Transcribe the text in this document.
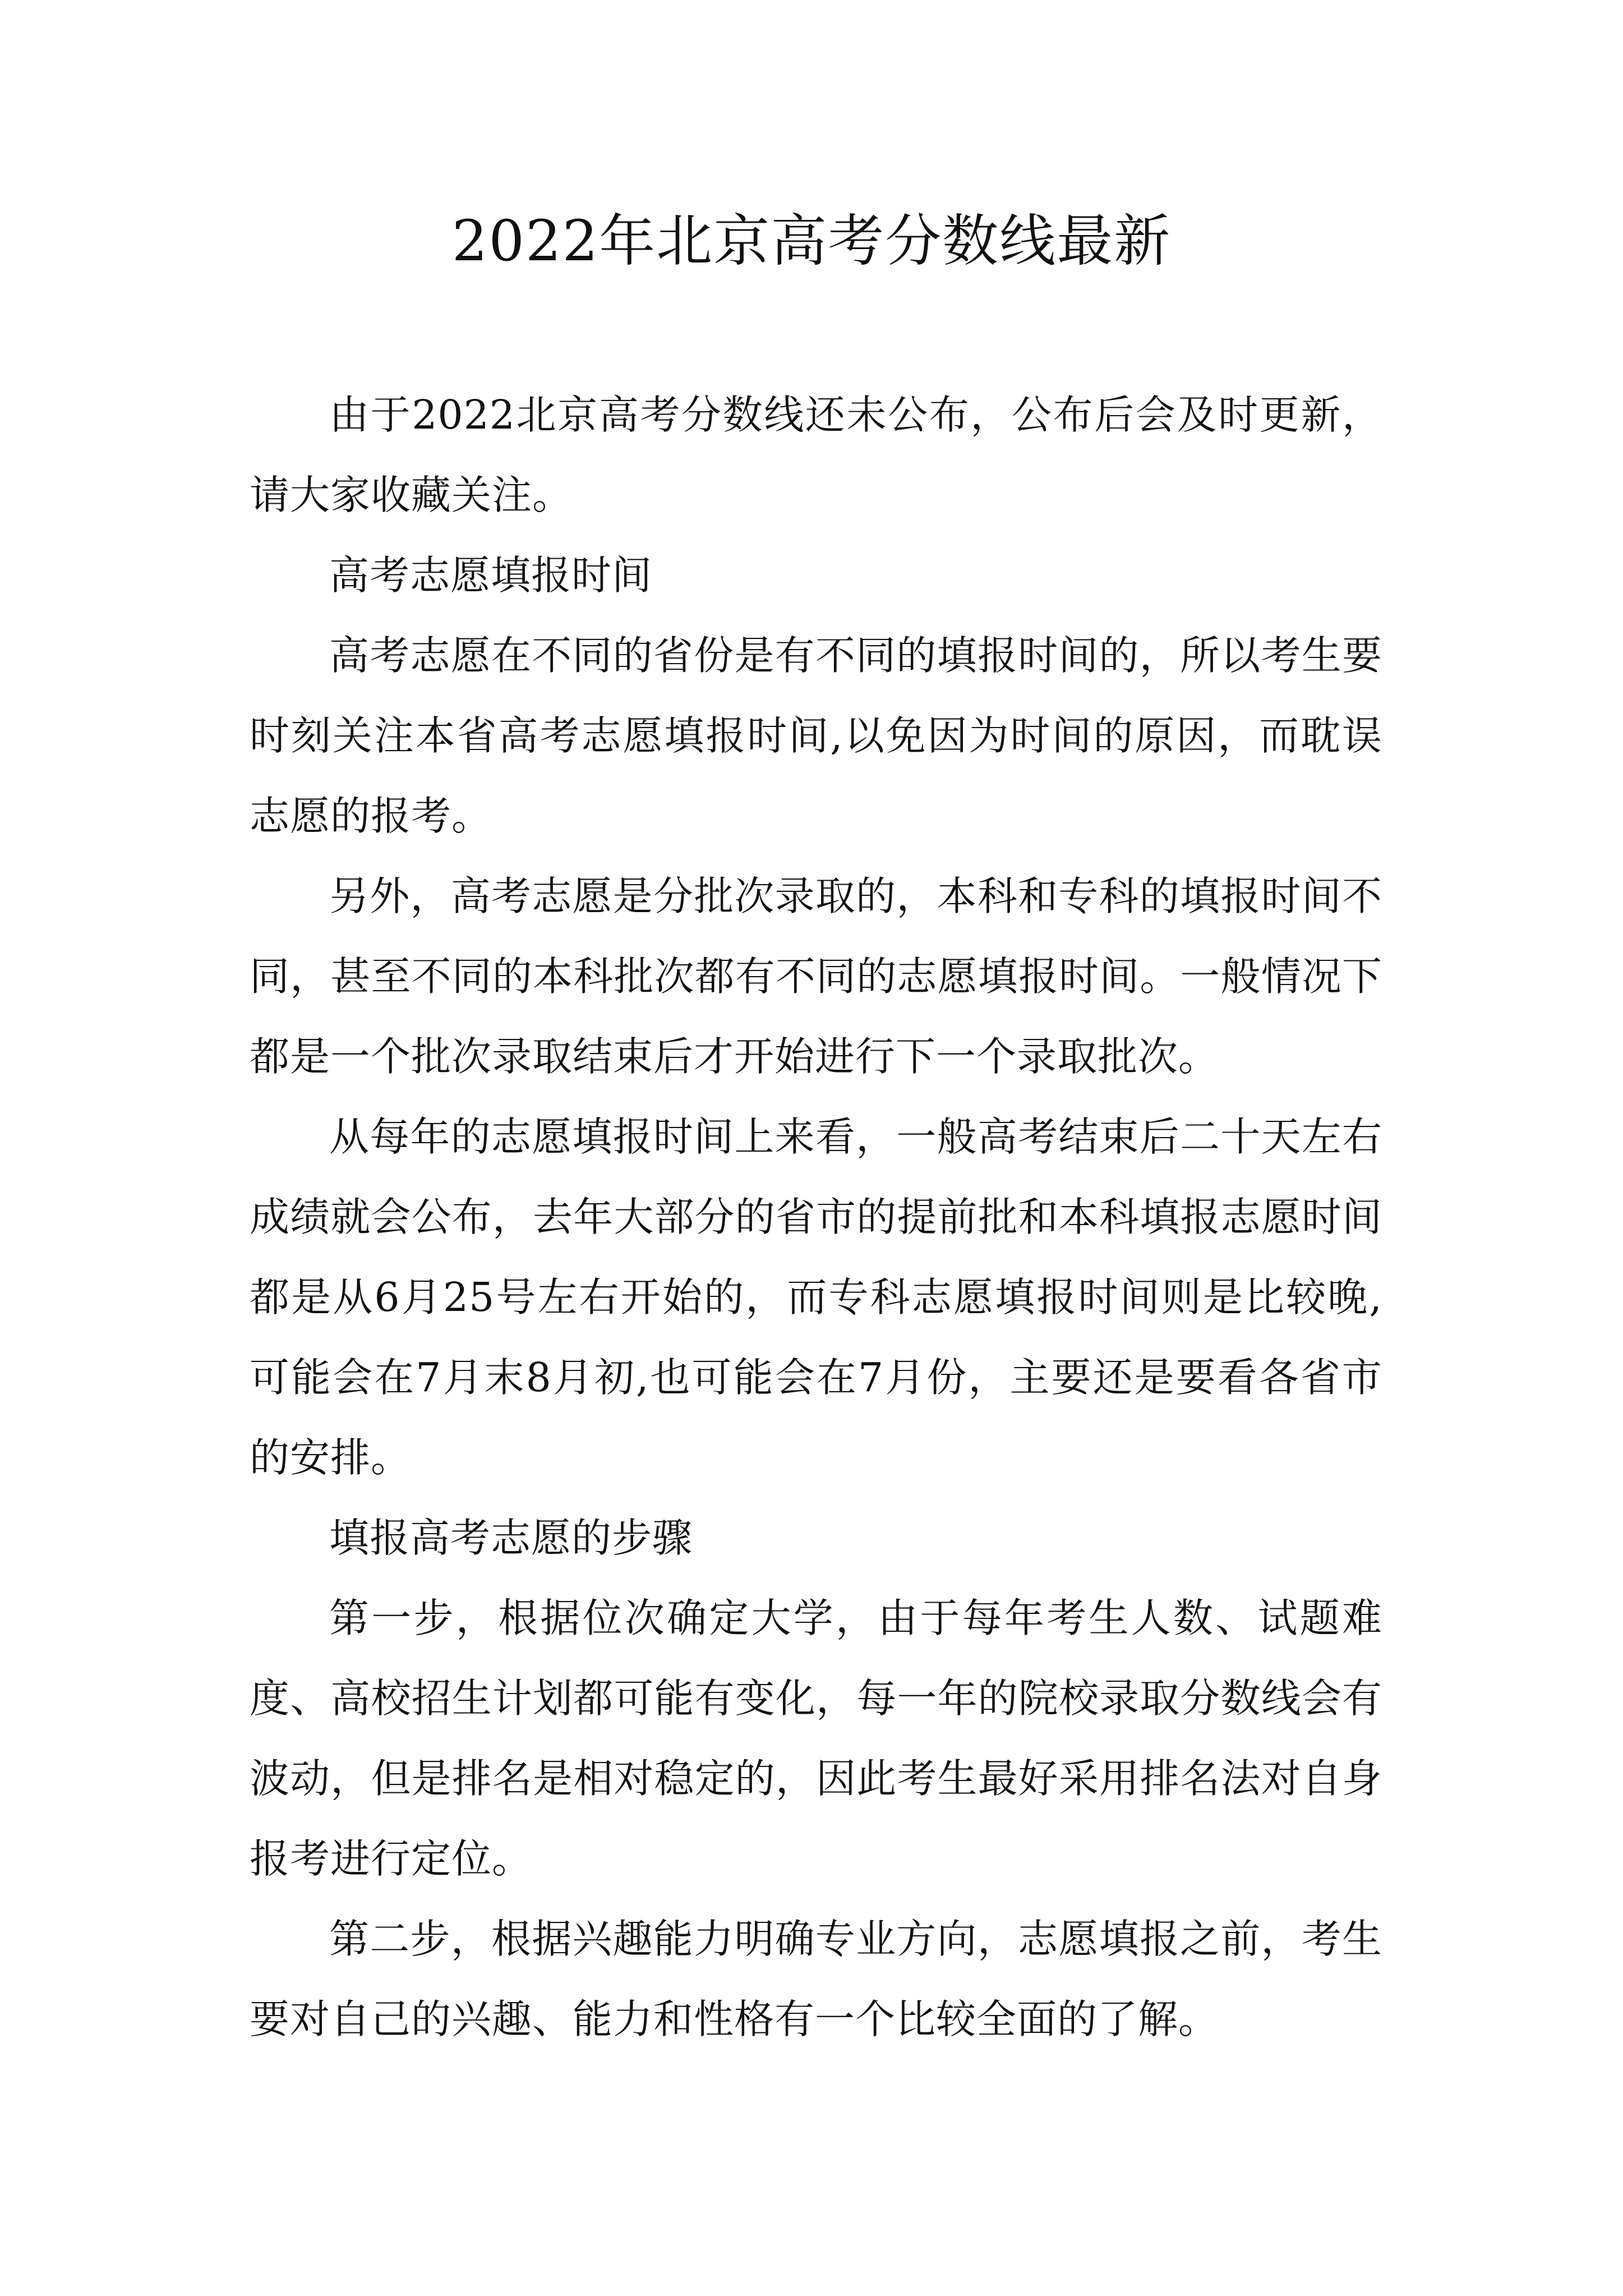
2022年北京高考分数线最新

由于2022北京高考分数线还未公布，公布后会及时更新，请大家收藏关注。

高考志愿填报时间

高考志愿在不同的省份是有不同的填报时间的，所以考生要时刻关注本省高考志愿填报时间,以免因为时间的原因，而耽误志愿的报考。

另外，高考志愿是分批次录取的，本科和专科的填报时间不同，甚至不同的本科批次都有不同的志愿填报时间。一般情况下都是一个批次录取结束后才开始进行下一个录取批次。

从每年的志愿填报时间上来看，一般高考结束后二十天左右成绩就会公布，去年大部分的省市的提前批和本科填报志愿时间都是从6月25号左右开始的，而专科志愿填报时间则是比较晚,可能会在7月末8月初,也可能会在7月份，主要还是要看各省市的安排。

填报高考志愿的步骤

第一步，根据位次确定大学，由于每年考生人数、试题难度、高校招生计划都可能有变化，每一年的院校录取分数线会有波动，但是排名是相对稳定的，因此考生最好采用排名法对自身报考进行定位。

第二步，根据兴趣能力明确专业方向，志愿填报之前，考生要对自己的兴趣、能力和性格有一个比较全面的了解。
